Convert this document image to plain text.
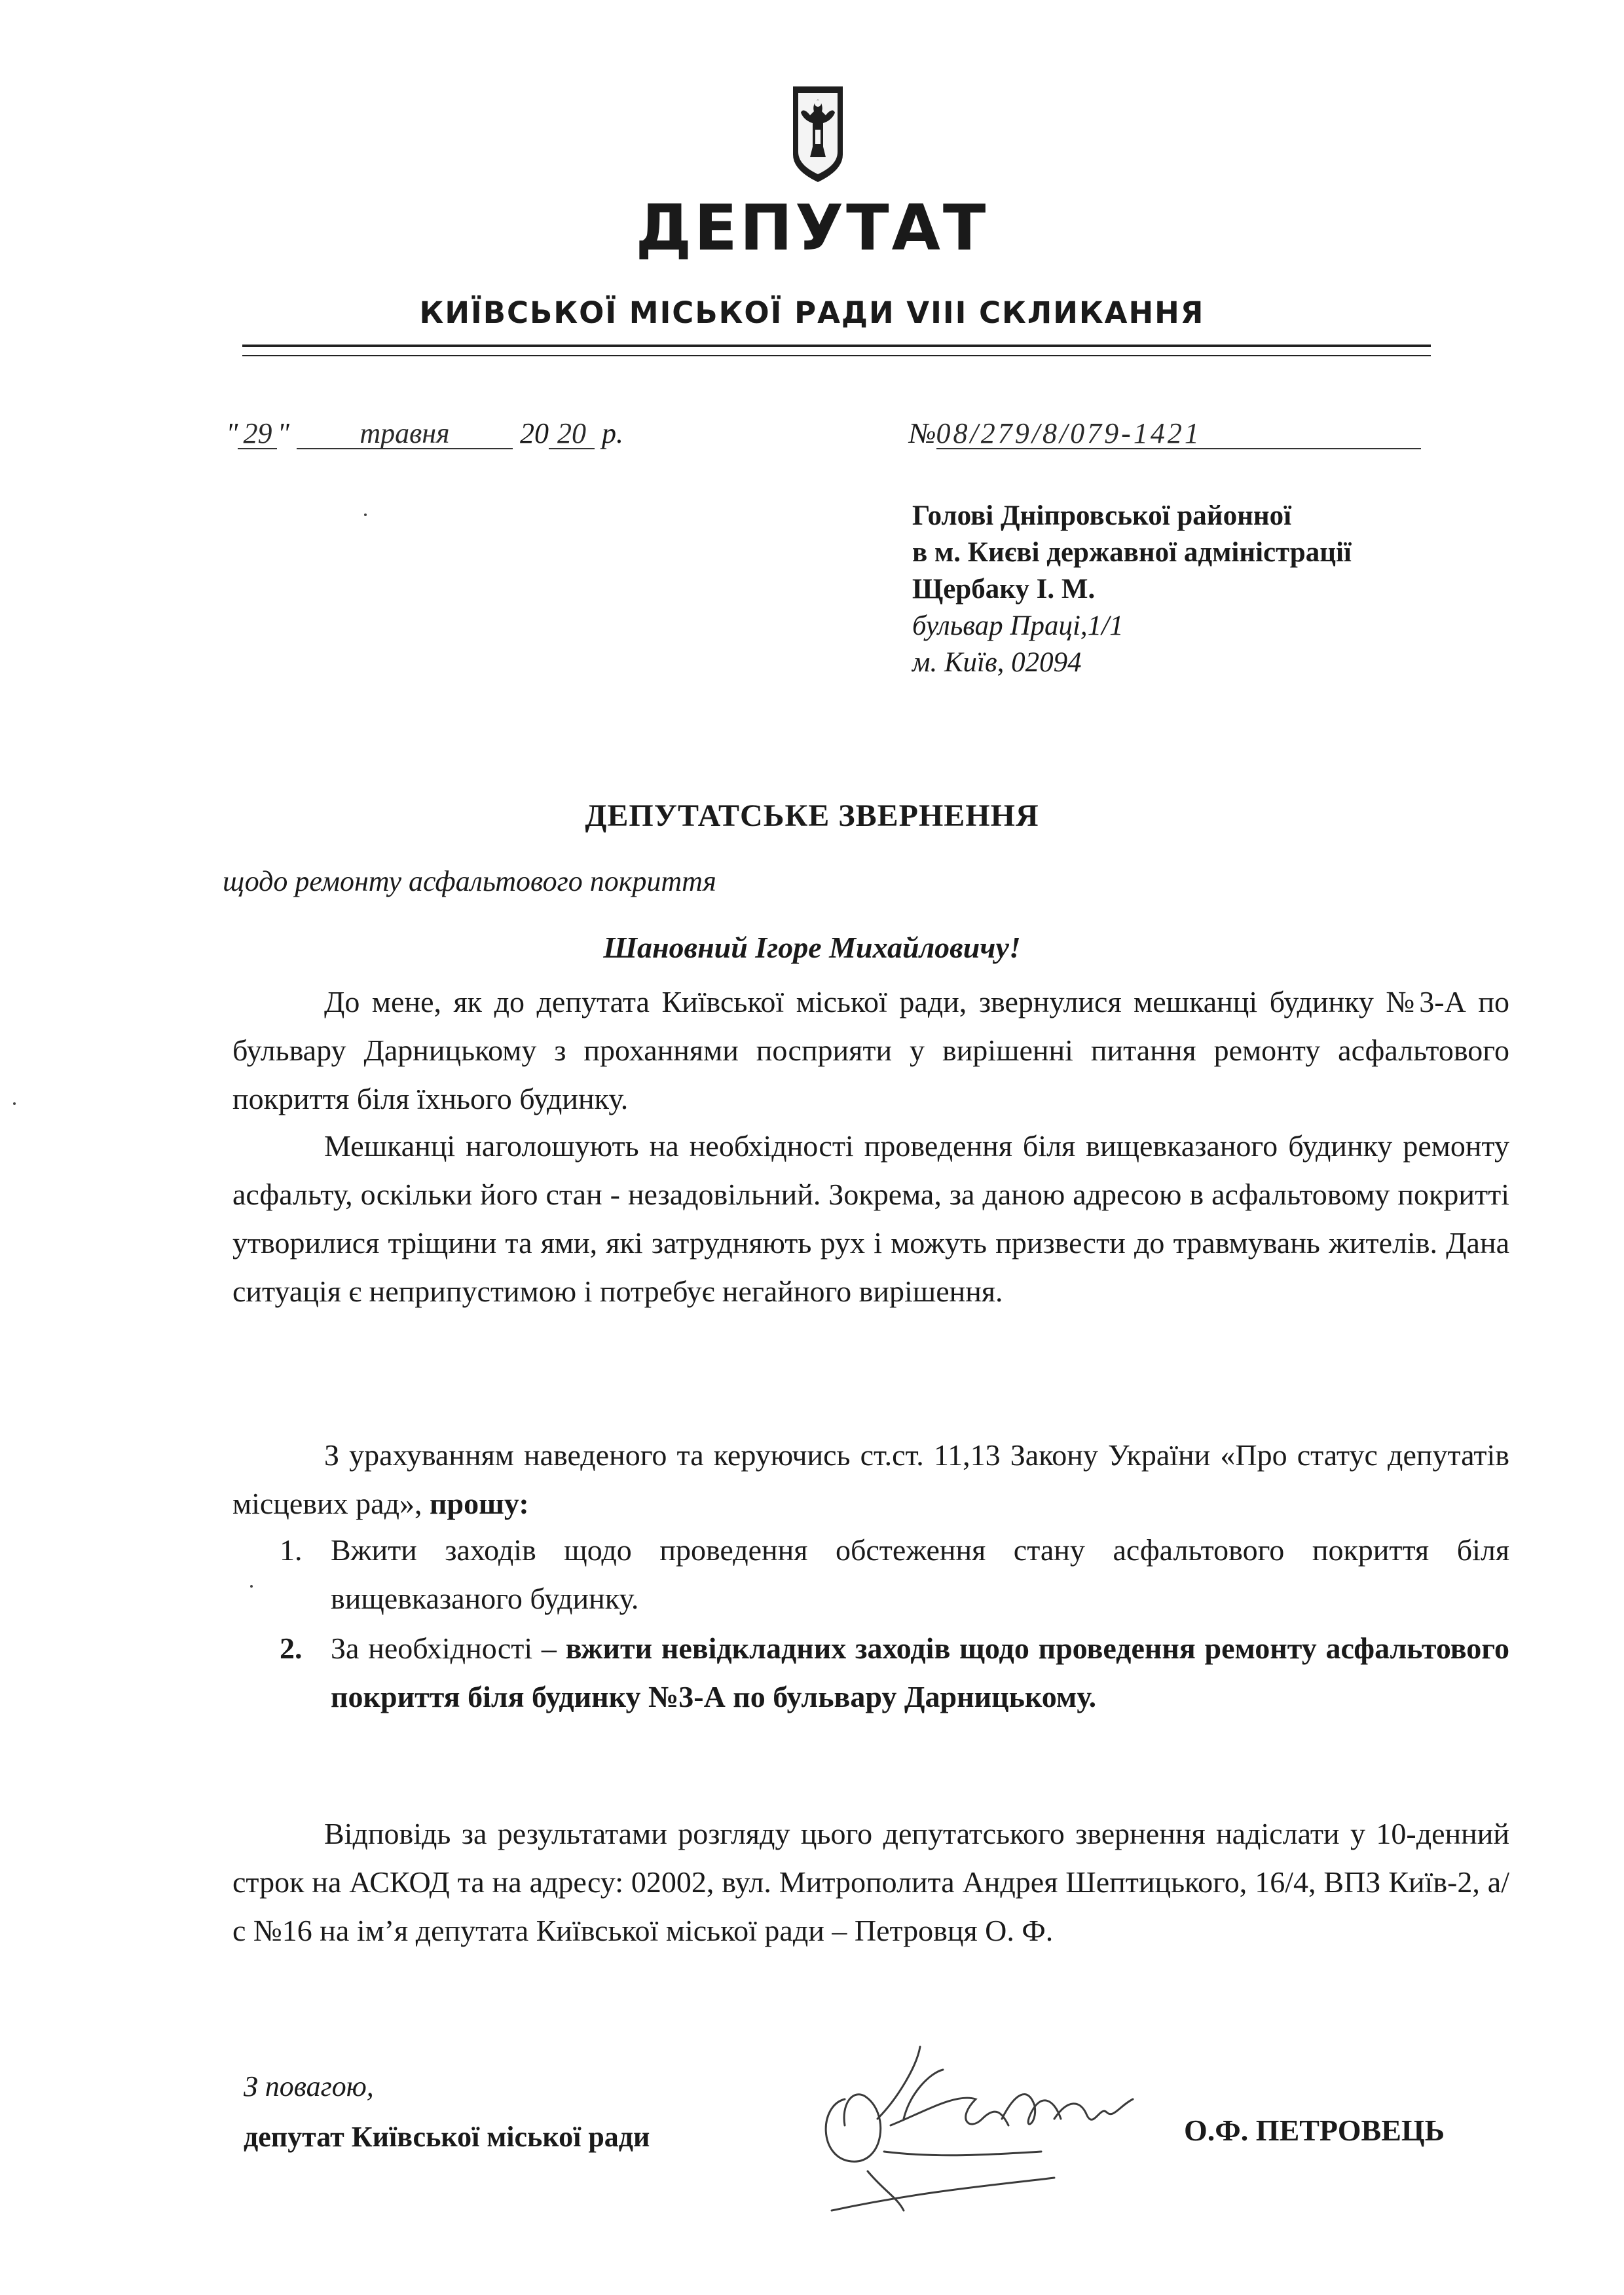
ДЕПУТАТ
КИЇВСЬКОЇ МІСЬКОЇ РАДИ VIII СКЛИКАННЯ
" 29 " травня 20 20 р.	№08/279/8/079-1421
Голові Дніпровської районної
в м. Києві державної адміністрації
Щербаку І. М.
бульвар Праці,1/1
м. Київ, 02094
ДЕПУТАТСЬКЕ ЗВЕРНЕННЯ
щодо ремонту асфальтового покриття
Шановний Ігоре Михайловичу!

До мене, як до депутата Київської міської ради, звернулися мешканці будинку №3-А по бульвару Дарницькому з проханнями посприяти у вирішенні питання ремонту асфальтового покриття біля їхнього будинку.

Мешканці наголошують на необхідності проведення біля вищевказаного будинку ремонту асфальту, оскільки його стан - незадовільний. Зокрема, за даною адресою в асфальтовому покритті утворилися тріщини та ями, які затрудняють рух і можуть призвести до травмувань жителів. Дана ситуація є неприпустимою і потребує негайного вирішення.

З урахуванням наведеного та керуючись ст.ст. 11,13 Закону України «Про статус депутатів місцевих рад», прошу:

1. Вжити заходів щодо проведення обстеження стану асфальтового покриття біля вищевказаного будинку.
2. За необхідності – вжити невідкладних заходів щодо проведення ремонту асфальтового покриття біля будинку №3-А по бульвару Дарницькому.

Відповідь за результатами розгляду цього депутатського звернення надіслати у 10-денний строк на АСКОД та на адресу: 02002, вул. Митрополита Андрея Шептицького, 16/4, ВПЗ Київ-2, а/с №16 на ім’я депутата Київської міської ради – Петровця О. Ф.

З повагою,
депутат Київської міської ради	О.Ф. ПЕТРОВЕЦЬ
